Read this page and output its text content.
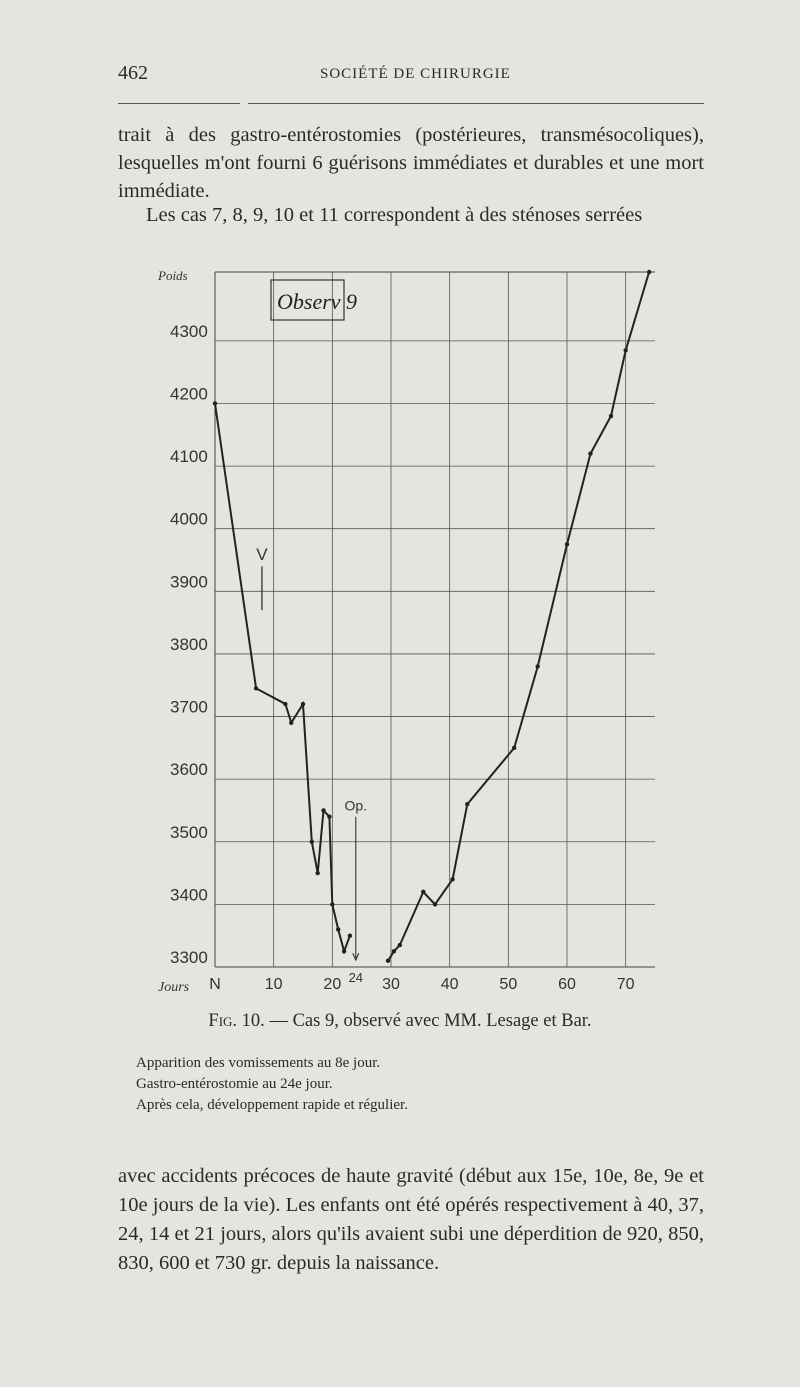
462	SOCIÉTÉ DE CHIRURGIE

trait à des gastro-entérostomies (postérieures, transmésocoliques), lesquelles m'ont fourni 6 guérisons immédiates et durables et une mort immédiate.

Les cas 7, 8, 9, 10 et 11 correspondent à des sténoses serrées

Poids
Jours
4300
4200
4100
4000
3900
3800
3700
3600
3500
3400
3300
N	10	20 24 30	40	50	60	70
Observ 9
V
Op.
Fig. 10. — Cas 9, observé avec MM. Lesage et Bar.
Apparition des vomissements au 8e jour.
Gastro-entérostomie au 24e jour.
Après cela, développement rapide et régulier.

avec accidents précoces de haute gravité (début aux 15e, 10e, 8e, 9e et 10e jours de la vie). Les enfants ont été opérés respectivement à 40, 37, 24, 14 et 21 jours, alors qu'ils avaient subi une déperdition de 920, 850, 830, 600 et 730 gr. depuis la naissance.
